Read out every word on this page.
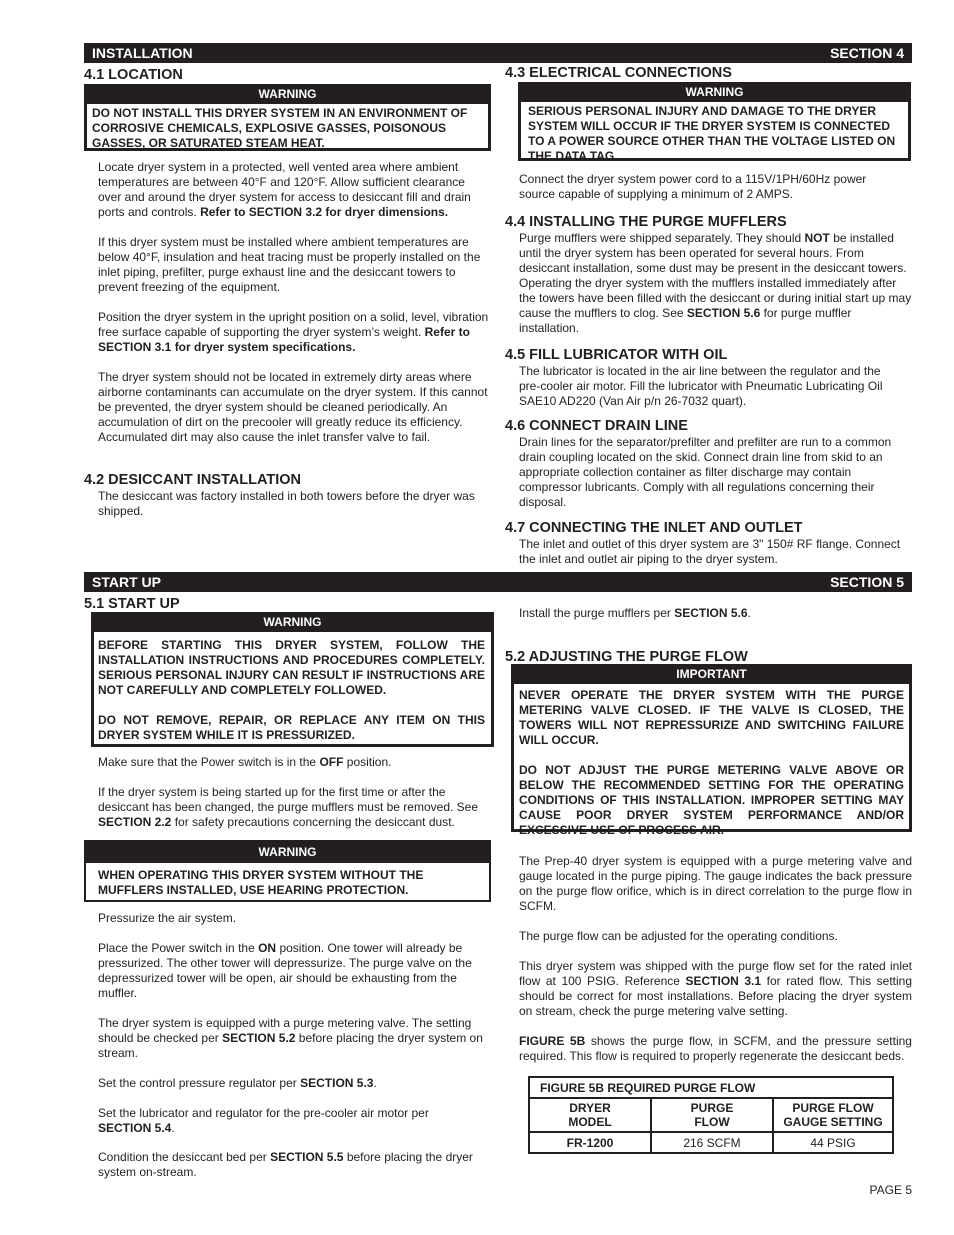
INSTALLATION	SECTION 4
4.1 LOCATION
WARNING
DO NOT INSTALL THIS DRYER SYSTEM IN AN ENVIRONMENT OF CORROSIVE CHEMICALS, EXPLOSIVE GASSES, POISONOUS GASSES, OR SATURATED STEAM HEAT.

Locate dryer system in a protected, well vented area where ambient temperatures are between 40°F and 120°F. Allow sufficient clearance over and around the dryer system for access to desiccant fill and drain ports and controls. Refer to SECTION 3.2 for dryer dimensions.

If this dryer system must be installed where ambient temperatures are below 40°F, insulation and heat tracing must be properly installed on the inlet piping, prefilter, purge exhaust line and the desiccant towers to prevent freezing of the equipment.

Position the dryer system in the upright position on a solid, level, vibration free surface capable of supporting the dryer system’s weight. Refer to SECTION 3.1 for dryer system specifications.

The dryer system should not be located in extremely dirty areas where airborne contaminants can accumulate on the dryer system. If this cannot be prevented, the dryer system should be cleaned periodically. An accumulation of dirt on the precooler will greatly reduce its efficiency. Accumulated dirt may also cause the inlet transfer valve to fail.

4.2 DESICCANT INSTALLATION

The desiccant was factory installed in both towers before the dryer was shipped.

4.3 ELECTRICAL CONNECTIONS
WARNING
SERIOUS PERSONAL INJURY AND DAMAGE TO THE DRYER SYSTEM WILL OCCUR IF THE DRYER SYSTEM IS CONNECTED TO A POWER SOURCE OTHER THAN THE VOLTAGE LISTED ON THE DATA TAG.

Connect the dryer system power cord to a 115V/1PH/60Hz power source capable of supplying a minimum of 2 AMPS.

4.4 INSTALLING THE PURGE MUFFLERS

Purge mufflers were shipped separately. They should NOT be installed until the dryer system has been operated for several hours. From desiccant installation, some dust may be present in the desiccant towers. Operating the dryer system with the mufflers installed immediately after the towers have been filled with the desiccant or during initial start up may cause the mufflers to clog. See SECTION 5.6 for purge muffler installation.

4.5 FILL LUBRICATOR WITH OIL

The lubricator is located in the air line between the regulator and the pre-cooler air motor. Fill the lubricator with Pneumatic Lubricating Oil SAE10 AD220 (Van Air p/n 26-7032 quart).

4.6 CONNECT DRAIN LINE

Drain lines for the separator/prefilter and prefilter are run to a common drain coupling located on the skid. Connect drain line from skid to an appropriate collection container as filter discharge may contain compressor lubricants. Comply with all regulations concerning their disposal.

4.7 CONNECTING THE INLET AND OUTLET

The inlet and outlet of this dryer system are 3" 150# RF flange. Connect the inlet and outlet air piping to the dryer system.

START UP	SECTION 5
5.1 START UP
WARNING
BEFORE STARTING THIS DRYER SYSTEM, FOLLOW THE INSTALLATION INSTRUCTIONS AND PROCEDURES COMPLETELY. SERIOUS PERSONAL INJURY CAN RESULT IF INSTRUCTIONS ARE NOT CAREFULLY AND COMPLETELY FOLLOWED.
DO NOT REMOVE, REPAIR, OR REPLACE ANY ITEM ON THIS DRYER SYSTEM WHILE IT IS PRESSURIZED.

Make sure that the Power switch is in the OFF position.

If the dryer system is being started up for the first time or after the desiccant has been changed, the purge mufflers must be removed. See SECTION 2.2 for safety precautions concerning the desiccant dust.

WARNING
WHEN OPERATING THIS DRYER SYSTEM WITHOUT THE MUFFLERS INSTALLED, USE HEARING PROTECTION.

Pressurize the air system.

Place the Power switch in the ON position. One tower will already be pressurized. The other tower will depressurize. The purge valve on the depressurized tower will be open, air should be exhausting from the muffler.

The dryer system is equipped with a purge metering valve. The setting should be checked per SECTION 5.2 before placing the dryer system on stream.

Set the control pressure regulator per SECTION 5.3.

Set the lubricator and regulator for the pre-cooler air motor per SECTION 5.4.

Condition the desiccant bed per SECTION 5.5 before placing the dryer system on-stream.

Install the purge mufflers per SECTION 5.6.

5.2 ADJUSTING THE PURGE FLOW
IMPORTANT
NEVER OPERATE THE DRYER SYSTEM WITH THE PURGE METERING VALVE CLOSED. IF THE VALVE IS CLOSED, THE TOWERS WILL NOT REPRESSURIZE AND SWITCHING FAILURE WILL OCCUR.
DO NOT ADJUST THE PURGE METERING VALVE ABOVE OR BELOW THE RECOMMENDED SETTING FOR THE OPERATING CONDITIONS OF THIS INSTALLATION. IMPROPER SETTING MAY CAUSE POOR DRYER SYSTEM PERFORMANCE AND/OR EXCESSIVE USE OF PROCESS AIR.

The Prep-40 dryer system is equipped with a purge metering valve and gauge located in the purge piping. The gauge indicates the back pressure on the purge flow orifice, which is in direct correlation to the purge flow in SCFM.

The purge flow can be adjusted for the operating conditions.

This dryer system was shipped with the purge flow set for the rated inlet flow at 100 PSIG. Reference SECTION 3.1 for rated flow. This setting should be correct for most installations. Before placing the dryer system on stream, check the purge metering valve setting.

FIGURE 5B shows the purge flow, in SCFM, and the pressure setting required. This flow is required to properly regenerate the desiccant beds.

FIGURE 5B REQUIRED PURGE FLOW		
DRYER MODEL	PURGE FLOW	PURGE FLOW GAUGE SETTING
FR-1200	216 SCFM	44 PSIG
PAGE 5
